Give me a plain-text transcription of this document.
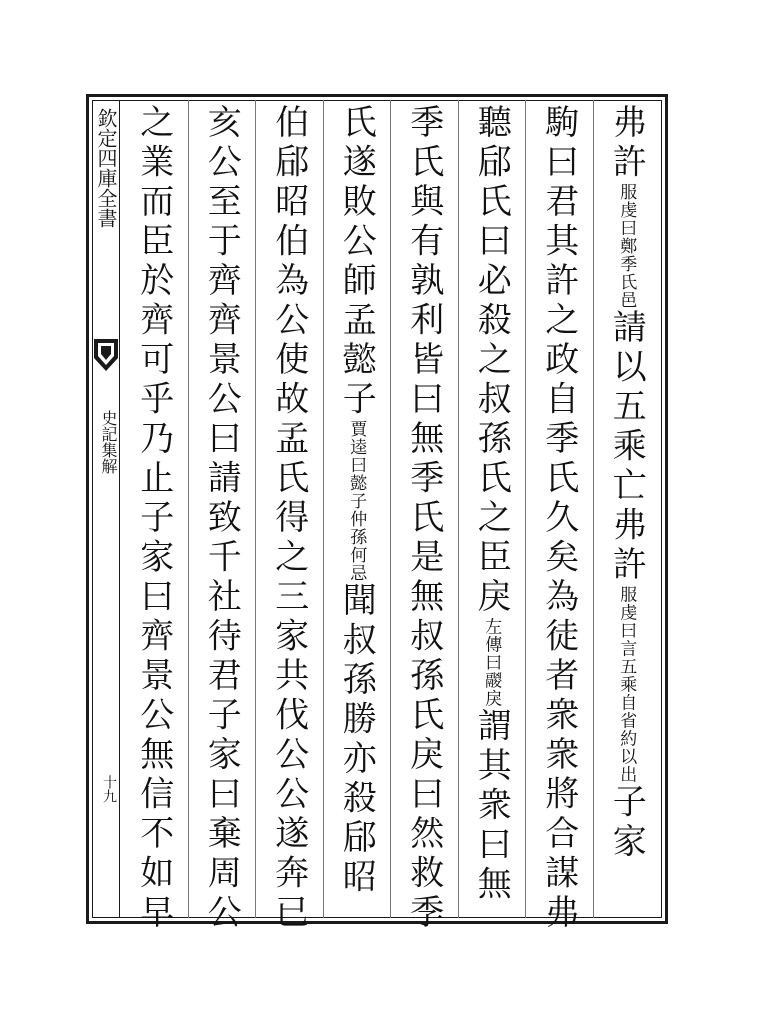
欽定四庫全書
史記集解
十九
弗許服虔曰鄭季氏邑請以五乘亡弗許服虔曰言五乘自省約以出子家
駒曰君其許之政自季氏久矣為徒者衆衆將合謀弗
聽郈氏曰必殺之叔孫氏之臣戾左傳曰鬷戾謂其衆曰無
季氏與有孰利皆曰無季氏是無叔孫氏戾曰然救季
氏遂敗公師孟懿子賈逵曰懿子仲孫何忌聞叔孫勝亦殺郈昭
伯郈昭伯為公使故孟氏得之三家共伐公公遂奔已
亥公至于齊齊景公曰請致千社待君子家曰棄周公
之業而臣於齊可乎乃止子家曰齊景公無信不如早
